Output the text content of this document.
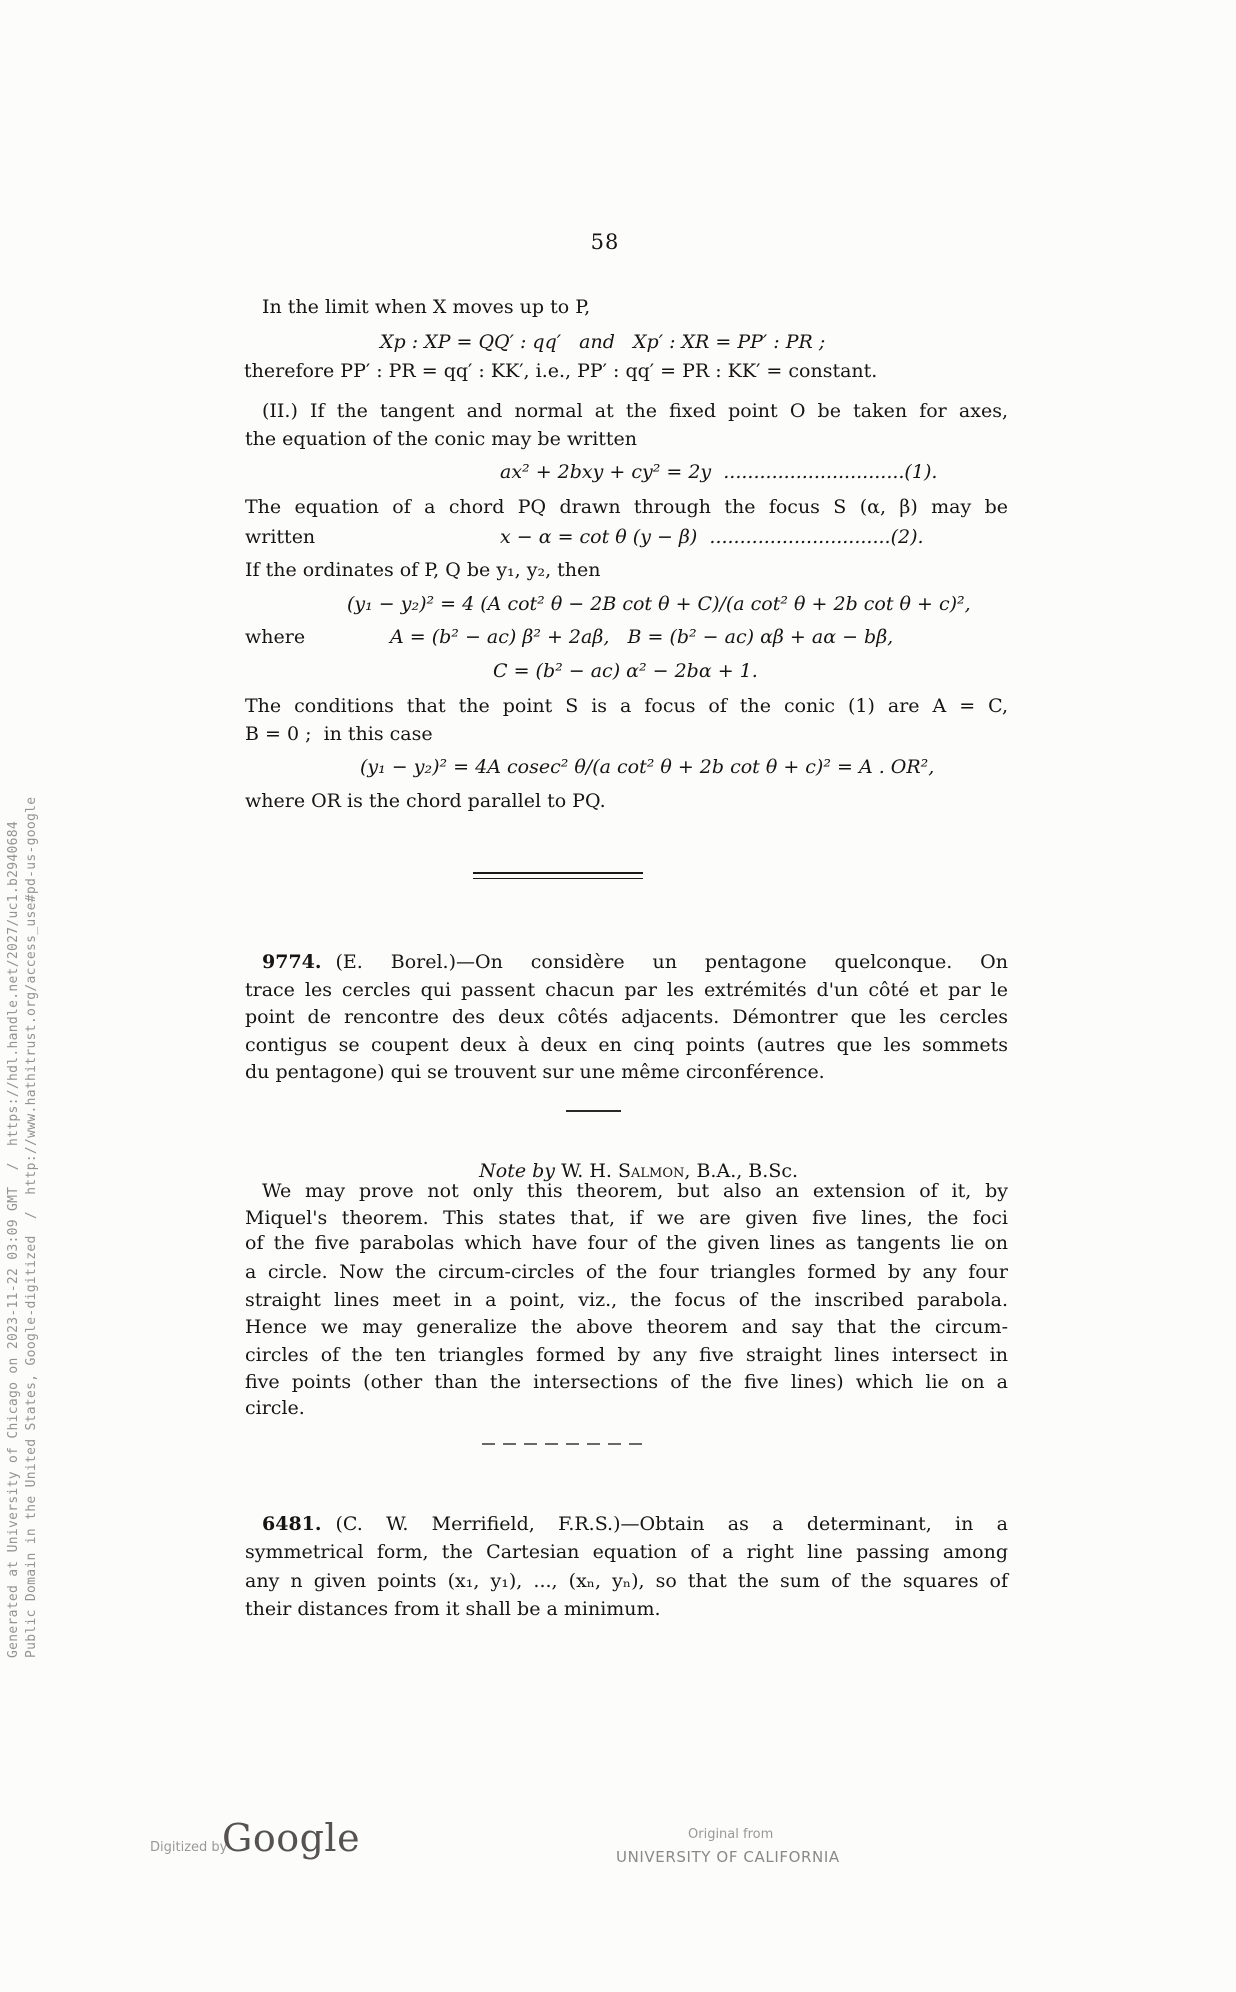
58
In the limit when X moves up to P,
Xp : XP = QQ′ : qq′   and   Xp′ : XR = PP′ : PR ;
therefore PP′ : PR = qq′ : KK′, i.e., PP′ : qq′ = PR : KK′ = constant.
(II.) If the tangent and normal at the fixed point O be taken for axes,
the equation of the conic may be written
ax² + 2bxy + cy² = 2y  ..............................(1).
The equation of a chord PQ drawn through the focus S (α, β) may be
written	x − α = cot θ (y − β)  ..............................(2).
If the ordinates of P, Q be y₁, y₂, then
(y₁ − y₂)² = 4 (A cot² θ − 2B cot θ + C)/(a cot² θ + 2b cot θ + c)²,
where	A = (b² − ac) β² + 2aβ,   B = (b² − ac) αβ + aα − bβ,
C = (b² − ac) α² − 2bα + 1.
The conditions that the point S is a focus of the conic (1) are A = C,
B = 0 ;  in this case
(y₁ − y₂)² = 4A cosec² θ/(a cot² θ + 2b cot θ + c)² = A . OR²,
where OR is the chord parallel to PQ.
9774. (E. Borel.)—On considère un pentagone quelconque. On
trace les cercles qui passent chacun par les extrémités d'un côté et par le
point de rencontre des deux côtés adjacents. Démontrer que les cercles
contigus se coupent deux à deux en cinq points (autres que les sommets
du pentagone) qui se trouvent sur une même circonférence.

Note by W. H. Salmon, B.A., B.Sc.

We may prove not only this theorem, but also an extension of it, by
Miquel's theorem. This states that, if we are given five lines, the foci
of the five parabolas which have four of the given lines as tangents lie on
a circle. Now the circum-circles of the four triangles formed by any four
straight lines meet in a point, viz., the focus of the inscribed parabola.
Hence we may generalize the above theorem and say that the circum-
circles of the ten triangles formed by any five straight lines intersect in
five points (other than the intersections of the five lines) which lie on a
circle.
6481. (C. W. Merrifield, F.R.S.)—Obtain as a determinant, in a
symmetrical form, the Cartesian equation of a right line passing among
any n given points (x₁, y₁), ..., (xₙ, yₙ), so that the sum of the squares of
their distances from it shall be a minimum.
Generated at University of Chicago on 2023-11-22 03:09 GMT  /  https://hdl.handle.net/2027/uc1.b2940684 Public Domain in the United States, Google-digitized  /  http://www.hathitrust.org/access_use#pd-us-google
Digitized by
Google	Original from
UNIVERSITY OF CALIFORNIA
